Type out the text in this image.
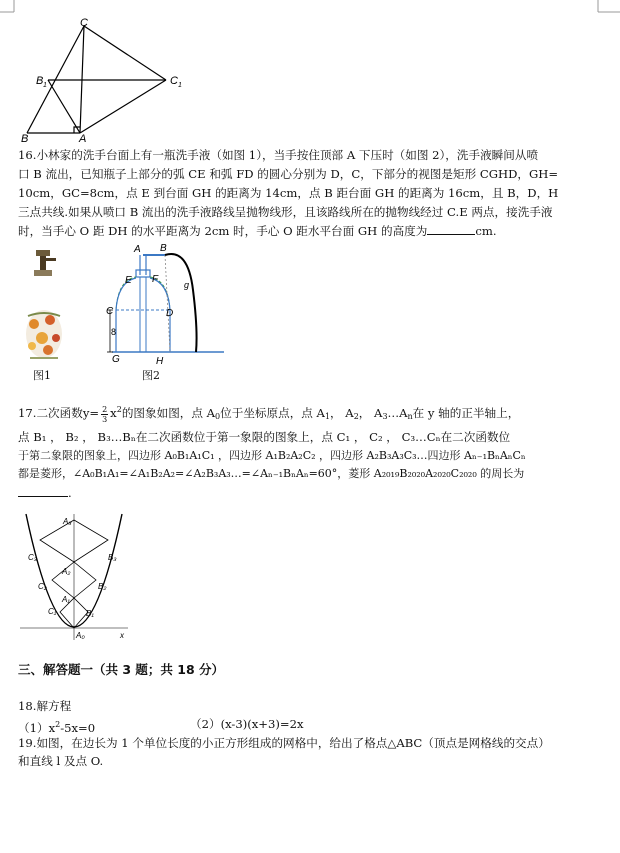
C
B 1	C 1
B	A
16.小林家的洗手台面上有一瓶洗手液（如图 1），当手按住顶部 A 下压时（如图 2），洗手液瞬间从喷
口 B 流出，已知瓶子上部分的弧 CE 和弧 FD 的圆心分别为 D，C，下部分的视图是矩形 CGHD，GH=
10cm，GC=8cm，点 E 到台面 GH 的距离为 14cm，点 B 距台面 GH 的距离为 16cm，且 B，D，H
三点共线.如果从喷口 B 流出的洗手液路线呈抛物线形，且该路线所在的抛物线经过 C.E 两点，接洗手液
时，当手心 O 距 DH 的水平距离为 2cm 时，手心 O 距水平台面 GH 的高度为	cm.
A B
E F	g
C	D
8
G	H
图1	图2
17.二次函数$y= \frac{2}{3} x^2$的图象如图，点 $A_0$位于坐标原点，点 $A_1$， $A_2$， $A_3\dots A_n$在 y 轴的正半轴上，
点 B₁ ， B₂ ， B₃…Bₙ在二次函数位于第一象限的图象上，点 C₁ ， C₂ ， C₃…Cₙ在二次函数位
于第二象限的图象上，四边形 A₀B₁A₁C₁ ，四边形 A₁B₂A₂C₂ ，四边形 A₂B₃A₃C₃…四边形 Aₙ₋₁BₙAₙCₙ
都是菱形，∠A₀B₁A₁=∠A₁B₂A₂=∠A₂B₃A₃…=∠Aₙ₋₁BₙAₙ=60°，菱形 A₂₀₁₉B₂₀₂₀A₂₀₂₀C₂₀₂₀ 的周长为
.
A₃
C₃	B₃
A₂
C₂	B₂
A₁
C₁	B₁
A₀	x
三、解答题一（共 3 题；共 18 分）
18.解方程
$(1)x^2-5x=0$	（2）(x-3)(x+3)=2x
19.如图，在边长为 1 个单位长度的小正方形组成的网格中，给出了格点△ABC（顶点是网格线的交点）
和直线 l 及点 O.
